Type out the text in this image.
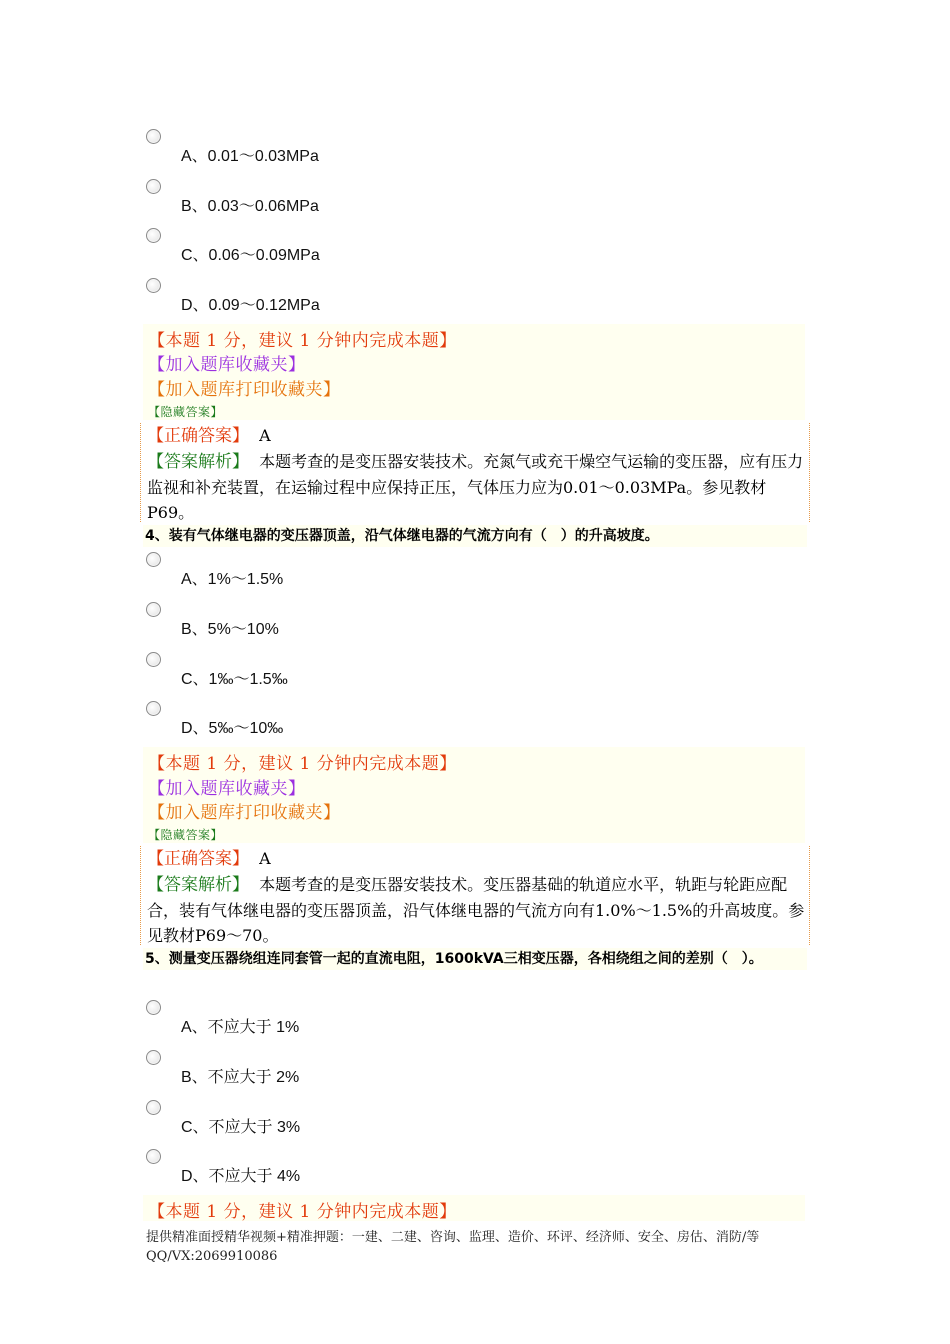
A、0.01～0.03MPa
B、0.03～0.06MPa
C、0.06～0.09MPa
D、0.09～0.12MPa
【本题 1 分，建议 1 分钟内完成本题】
【加入题库收藏夹】
【加入题库打印收藏夹】
【隐藏答案】
【正确答案】 A
【答案解析】 本题考查的是变压器安装技术。充氮气或充干燥空气运输的变压器，应有压力监视和补充装置，在运输过程中应保持正压，气体压力应为0.01～0.03MPa。参见教材P69。
4、装有气体继电器的变压器顶盖，沿气体继电器的气流方向有（　）的升高坡度。
A、1%～1.5%
B、5%～10%
C、1‰～1.5‰
D、5‰～10‰
【本题 1 分，建议 1 分钟内完成本题】
【加入题库收藏夹】
【加入题库打印收藏夹】
【隐藏答案】
【正确答案】 A
【答案解析】 本题考查的是变压器安装技术。变压器基础的轨道应水平，轨距与轮距应配合，装有气体继电器的变压器顶盖，沿气体继电器的气流方向有1.0%～1.5%的升高坡度。参见教材P69～70。
5、测量变压器绕组连同套管一起的直流电阻，1600kVA三相变压器，各相绕组之间的差别（　）。
A、不应大于 1%
B、不应大于 2%
C、不应大于 3%
D、不应大于 4%
【本题 1 分，建议 1 分钟内完成本题】
提供精准面授精华视频+精准押题：一建、二建、咨询、监理、造价、环评、经济师、安全、房估、消防/等　QQ/VX:2069910086
